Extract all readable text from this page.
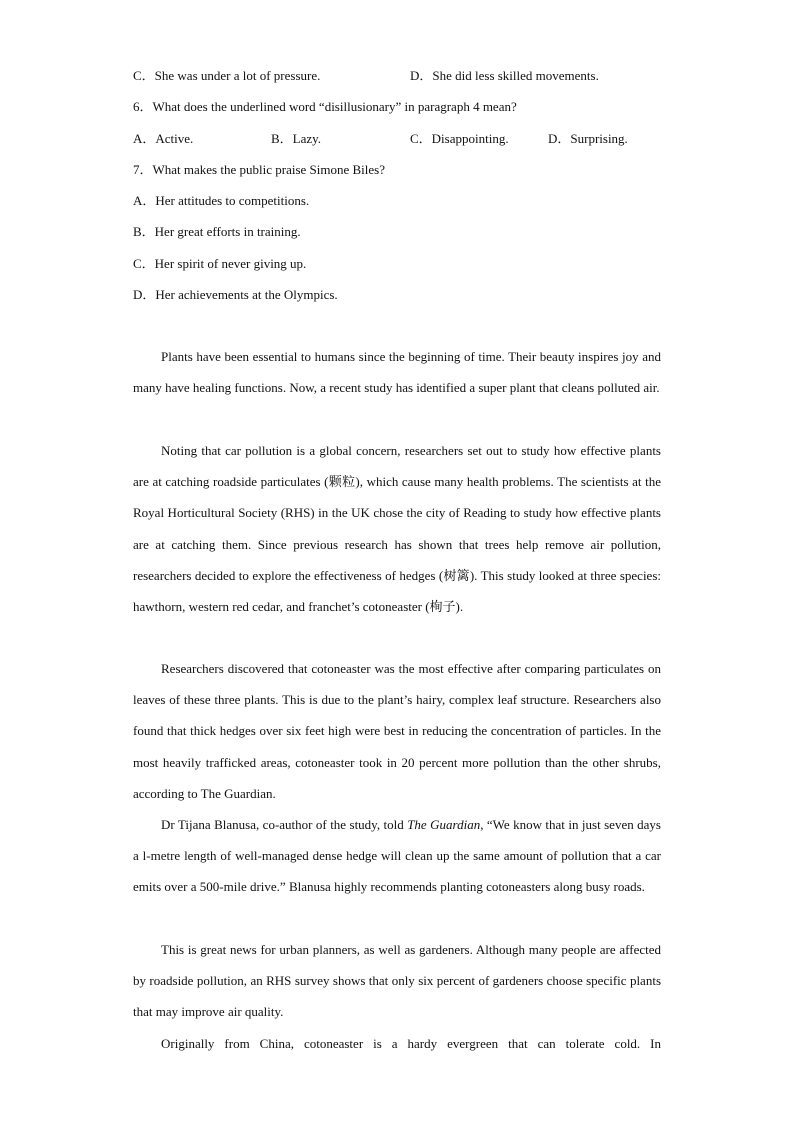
C．She was under a lot of pressure.	D．She did less skilled movements.
6．What does the underlined word “disillusionary” in paragraph 4 mean?
A．Active.	B．Lazy.	C．Disappointing.	D．Surprising.
7．What makes the public praise Simone Biles?
A．Her attitudes to competitions.
B．Her great efforts in training.
C．Her spirit of never giving up.
D．Her achievements at the Olympics.

Plants have been essential to humans since the beginning of time. Their beauty inspires joy and many have healing functions. Now, a recent study has identified a super plant that cleans polluted air.

Noting that car pollution is a global concern, researchers set out to study how effective plants are at catching roadside particulates (颗粒), which cause many health problems. The scientists at the Royal Horticultural Society (RHS) in the UK chose the city of Reading to study how effective plants are at catching them. Since previous research has shown that trees help remove air pollution, researchers decided to explore the effectiveness of hedges (树篱). This study looked at three species: hawthorn, western red cedar, and franchet’s cotoneaster (栒子).

Researchers discovered that cotoneaster was the most effective after comparing particulates on leaves of these three plants. This is due to the plant’s hairy, complex leaf structure. Researchers also found that thick hedges over six feet high were best in reducing the concentration of particles. In the most heavily trafficked areas, cotoneaster took in 20 percent more pollution than the other shrubs, according to The Guardian.

Dr Tijana Blanusa, co-author of the study, told The Guardian, “We know that in just seven days a l-metre length of well-managed dense hedge will clean up the same amount of pollution that a car emits over a 500-mile drive.” Blanusa highly recommends planting cotoneasters along busy roads.

This is great news for urban planners, as well as gardeners. Although many people are affected by roadside pollution, an RHS survey shows that only six percent of gardeners choose specific plants that may improve air quality.

Originally from China, cotoneaster is a hardy evergreen that can tolerate cold. In
